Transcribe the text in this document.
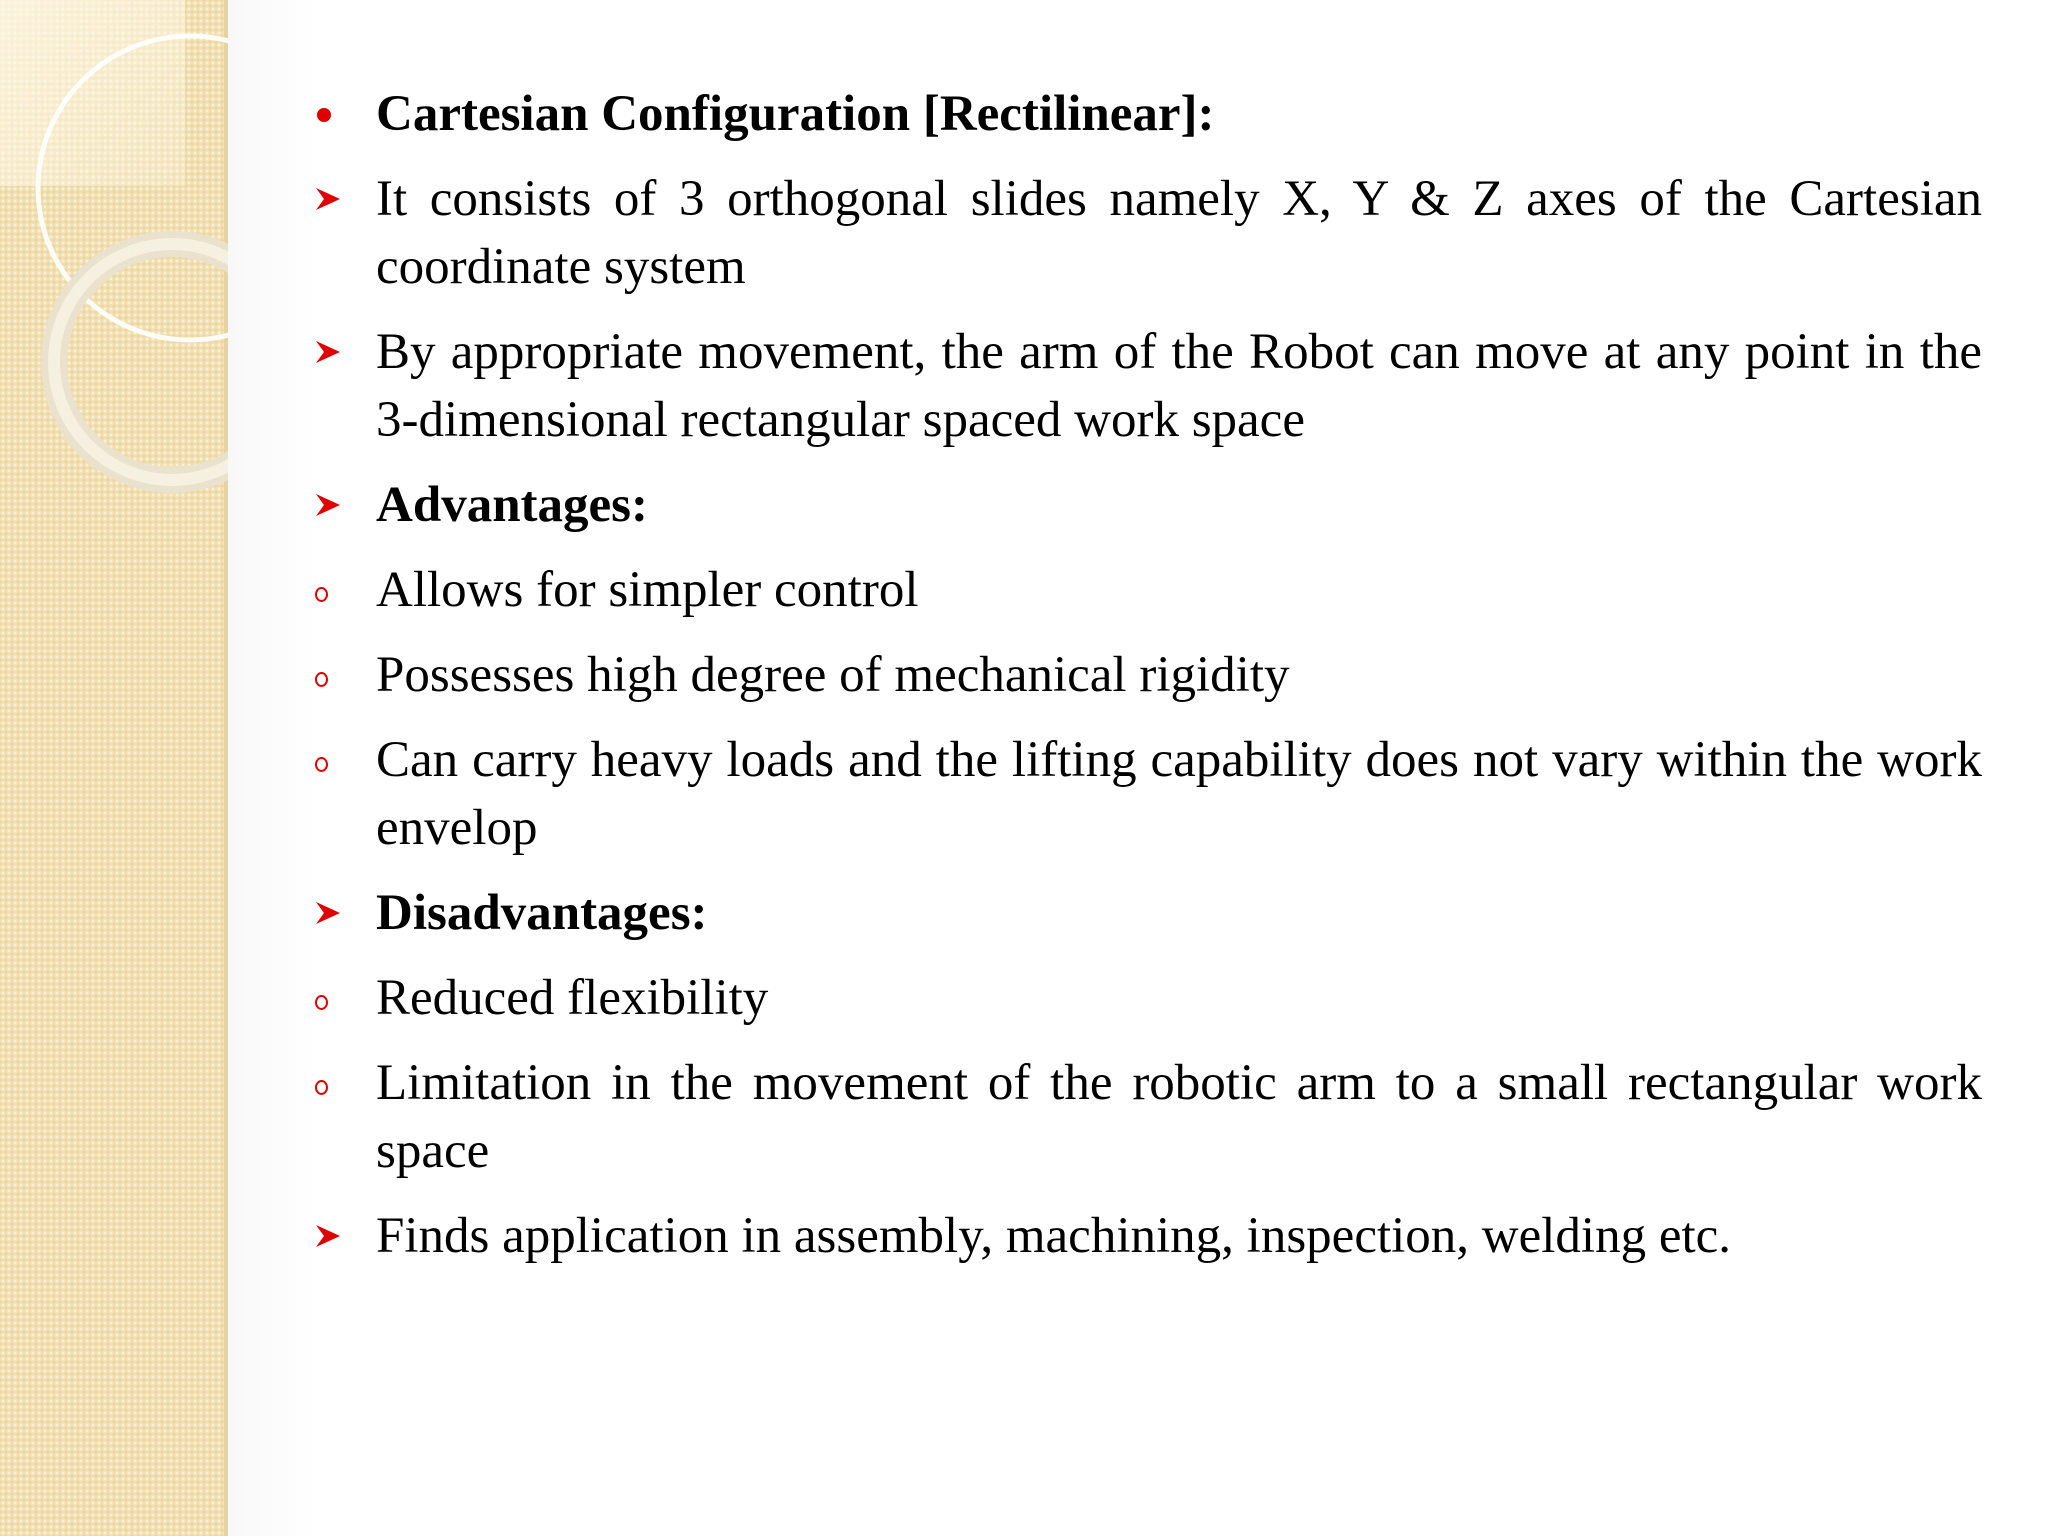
Cartesian Configuration [Rectilinear]:
It consists of 3 orthogonal slides namely X, Y & Z axes of the Cartesian coordinate system
By appropriate movement, the arm of the Robot can move at any point in the 3-dimensional rectangular spaced work space
Advantages:
Allows for simpler control
Possesses high degree of mechanical rigidity
Can carry heavy loads and the lifting capability does not vary within the work envelop
Disadvantages:
Reduced flexibility
Limitation in the movement of the robotic arm to a small rectangular work space
Finds application in assembly, machining, inspection, welding etc.
